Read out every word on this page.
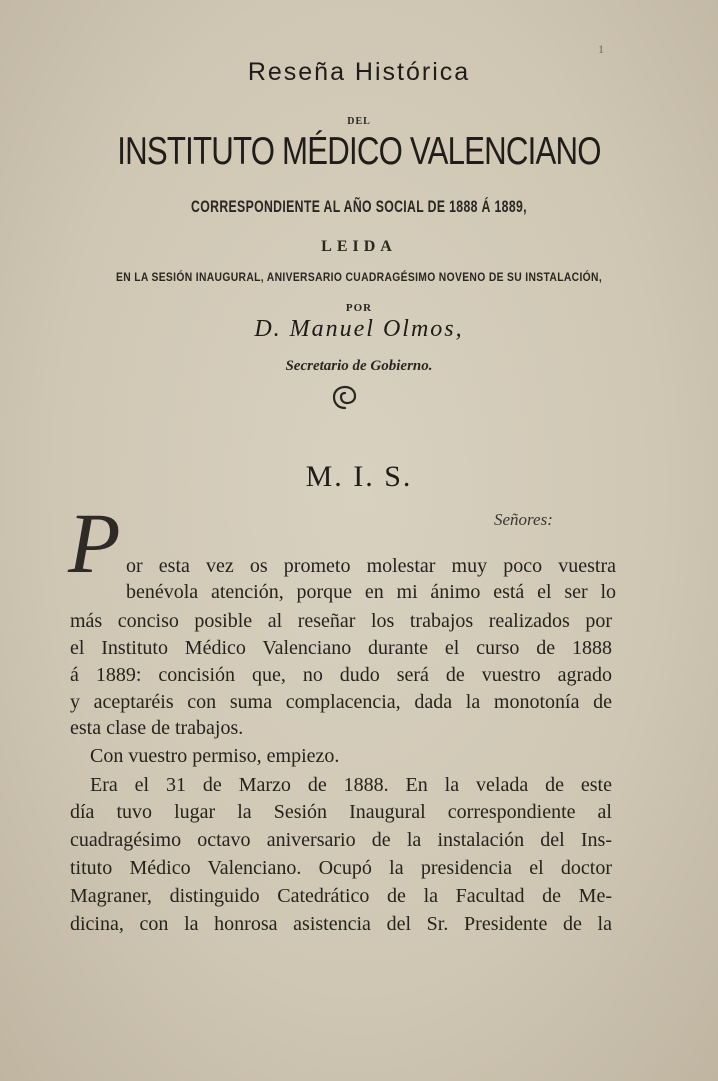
1
Reseña Histórica
DEL
INSTITUTO MÉDICO VALENCIANO
CORRESPONDIENTE AL AÑO SOCIAL DE 1888 Á 1889,
LEIDA
EN LA SESIÓN INAUGURAL, ANIVERSARIO CUADRAGÉSIMO NOVENO DE SU INSTALACIÓN,
POR
D. Manuel Olmos,
Secretario de Gobierno.
M. I. S.
Señores:
P or esta vez os prometo molestar muy poco vuestra
benévola atención, porque en mi ánimo está el ser lo
más conciso posible al reseñar los trabajos realizados por
el Instituto Médico Valenciano durante el curso de 1888
á 1889: concisión que, no dudo será de vuestro agrado
y aceptaréis con suma complacencia, dada la monotonía de
esta clase de trabajos.
Con vuestro permiso, empiezo.
Era el 31 de Marzo de 1888. En la velada de este
día tuvo lugar la Sesión Inaugural correspondiente al
cuadragésimo octavo aniversario de la instalación del Ins-
tituto Médico Valenciano. Ocupó la presidencia el doctor
Magraner, distinguido Catedrático de la Facultad de Me-
dicina, con la honrosa asistencia del Sr. Presidente de la
